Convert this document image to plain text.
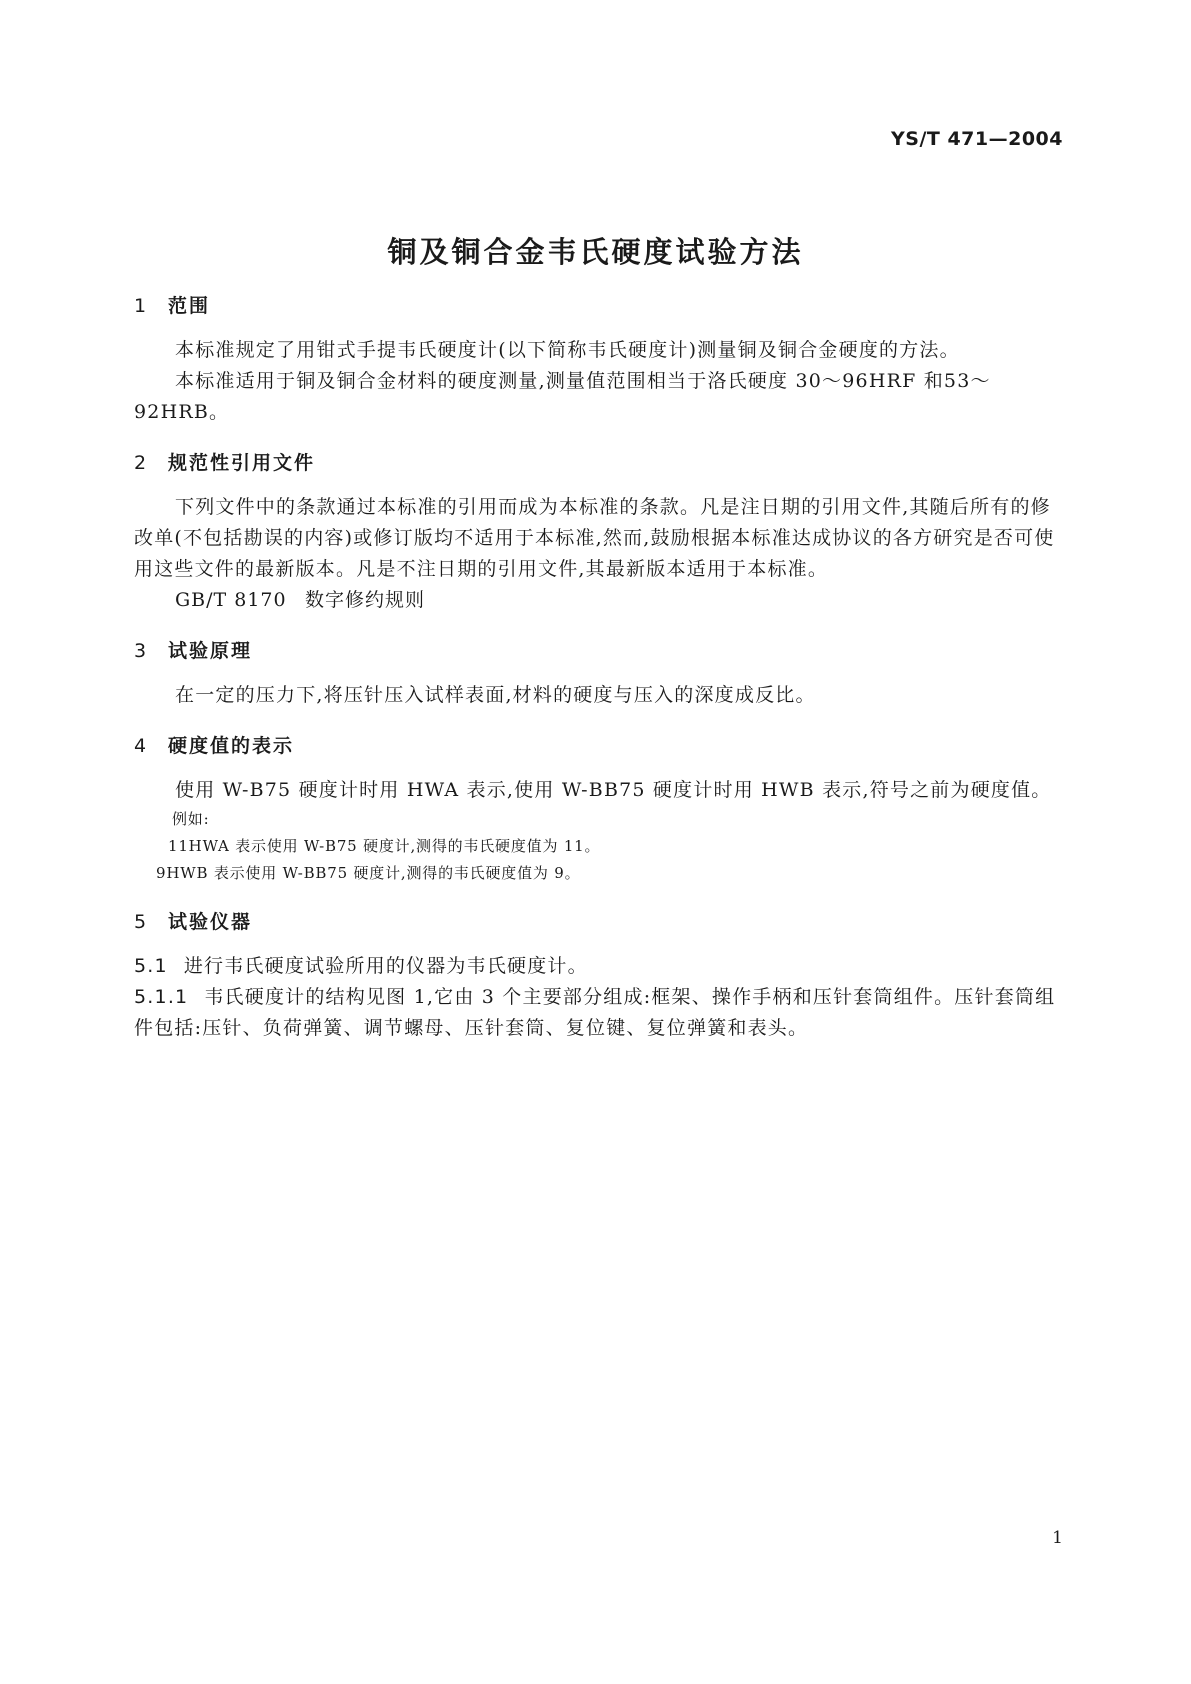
YS/T 471—2004
铜及铜合金韦氏硬度试验方法
1	范围

本标准规定了用钳式手提韦氏硬度计(以下简称韦氏硬度计)测量铜及铜合金硬度的方法。

本标准适用于铜及铜合金材料的硬度测量,测量值范围相当于洛氏硬度 30～96HRF 和53～92HRB。

2	规范性引用文件

下列文件中的条款通过本标准的引用而成为本标准的条款。凡是注日期的引用文件,其随后所有的修改单(不包括勘误的内容)或修订版均不适用于本标准,然而,鼓励根据本标准达成协议的各方研究是否可使用这些文件的最新版本。凡是不注日期的引用文件,其最新版本适用于本标准。

GB/T 8170 数字修约规则
3	试验原理

在一定的压力下,将压针压入试样表面,材料的硬度与压入的深度成反比。

4	硬度值的表示

使用 W-B75 硬度计时用 HWA 表示,使用 W-BB75 硬度计时用 HWB 表示,符号之前为硬度值。

例如:

11HWA 表示使用 W-B75 硬度计,测得的韦氏硬度值为 11。

9HWB 表示使用 W-BB75 硬度计,测得的韦氏硬度值为 9。

5	试验仪器

5.1 进行韦氏硬度试验所用的仪器为韦氏硬度计。

5.1.1 韦氏硬度计的结构见图 1,它由 3 个主要部分组成:框架、操作手柄和压针套筒组件。压针套筒组件包括:压针、负荷弹簧、调节螺母、压针套筒、复位键、复位弹簧和表头。

1
